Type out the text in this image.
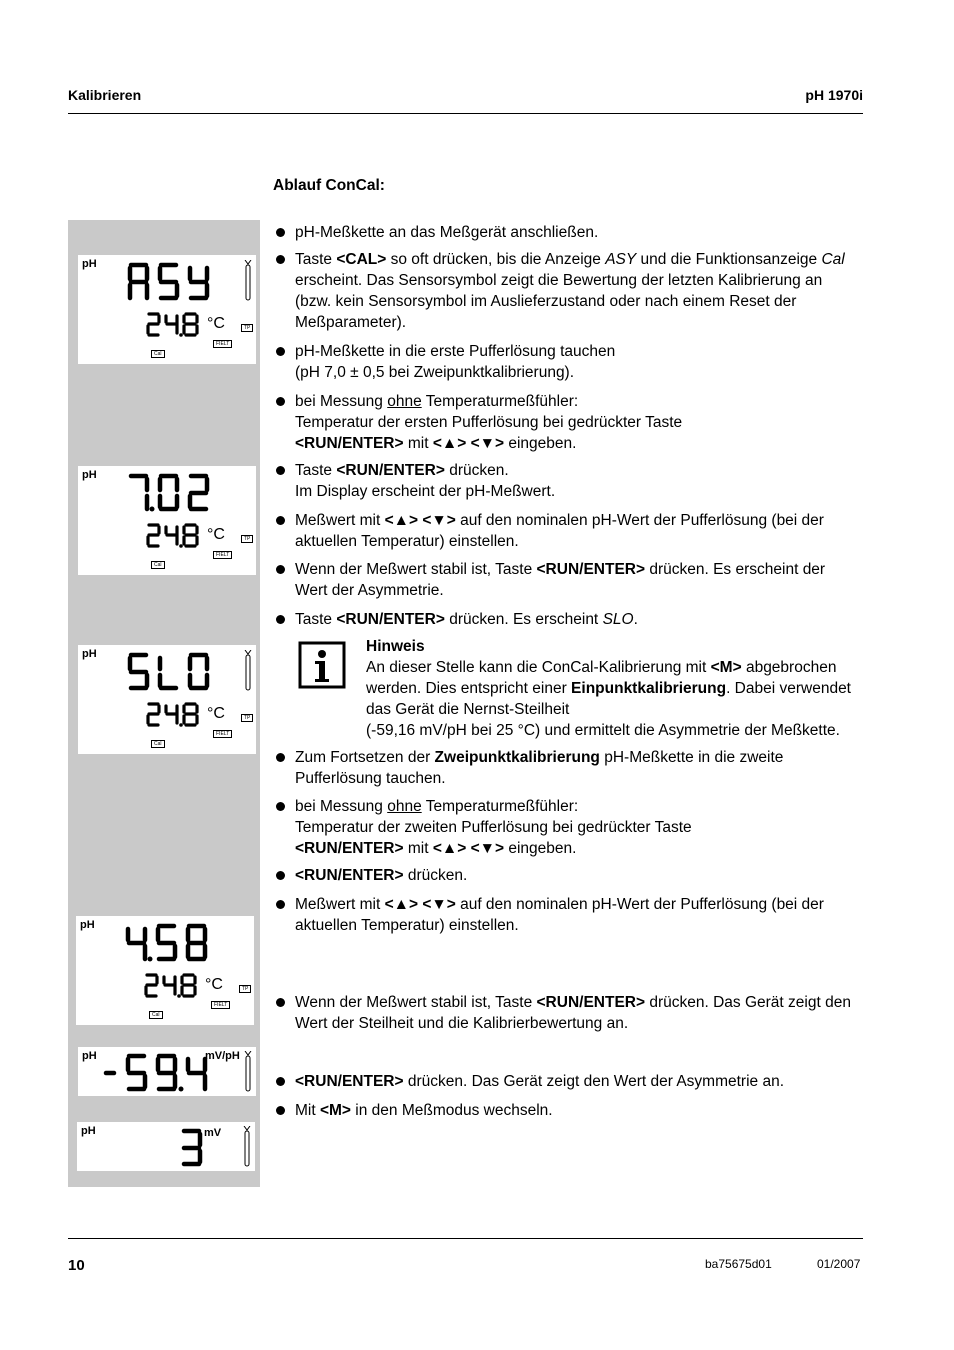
Kalibrieren	pH 1970i
Ablauf ConCal:
pH
°C	TP
FIELT
Cal
pH
°C	TP
FIELT
Cal
pH
°C	TP
FIELT
Cal
pH
°C	TP
FIELT
Cal
pH	mV/pH
pH	mV

pH-Meßkette an das Meßgerät anschließen.

Taste <CAL> so oft drücken, bis die Anzeige ASY und die Funktionsanzeige Cal erscheint. Das Sensorsymbol zeigt die Bewertung der letzten Kalibrierung an (bzw. kein Sensorsymbol im Auslieferzustand oder nach einem Reset der Meßparameter).

pH-Meßkette in die erste Pufferlösung tauchen
(pH 7,0 ± 0,5 bei Zweipunktkalibrierung).

bei Messung ohne Temperaturmeßfühler:
Temperatur der ersten Pufferlösung bei gedrückter Taste
<RUN/ENTER> mit <▲> <▼> eingeben.

Taste <RUN/ENTER> drücken.
Im Display erscheint der pH-Meßwert.

Meßwert mit <▲> <▼> auf den nominalen pH-Wert der Pufferlösung (bei der aktuellen Temperatur) einstellen.

Wenn der Meßwert stabil ist, Taste <RUN/ENTER> drücken. Es erscheint der Wert der Asymmetrie.

Taste <RUN/ENTER> drücken. Es erscheint SLO.

Hinweis
An dieser Stelle kann die ConCal-Kalibrierung mit <M> abgebrochen werden. Dies entspricht einer Einpunktkalibrierung. Dabei verwendet das Gerät die Nernst-Steilheit
(-59,16 mV/pH bei 25 °C) und ermittelt die Asymmetrie der Meßkette.

Zum Fortsetzen der Zweipunktkalibrierung pH-Meßkette in die zweite Pufferlösung tauchen.

bei Messung ohne Temperaturmeßfühler:
Temperatur der zweiten Pufferlösung bei gedrückter Taste
<RUN/ENTER> mit <▲> <▼> eingeben.

<RUN/ENTER> drücken.

Meßwert mit <▲> <▼> auf den nominalen pH-Wert der Pufferlösung (bei der aktuellen Temperatur) einstellen.

Wenn der Meßwert stabil ist, Taste <RUN/ENTER> drücken. Das Gerät zeigt den Wert der Steilheit und die Kalibrierbewertung an.

<RUN/ENTER> drücken. Das Gerät zeigt den Wert der Asymmetrie an.

Mit <M> in den Meßmodus wechseln.

10	ba75675d01	01/2007
